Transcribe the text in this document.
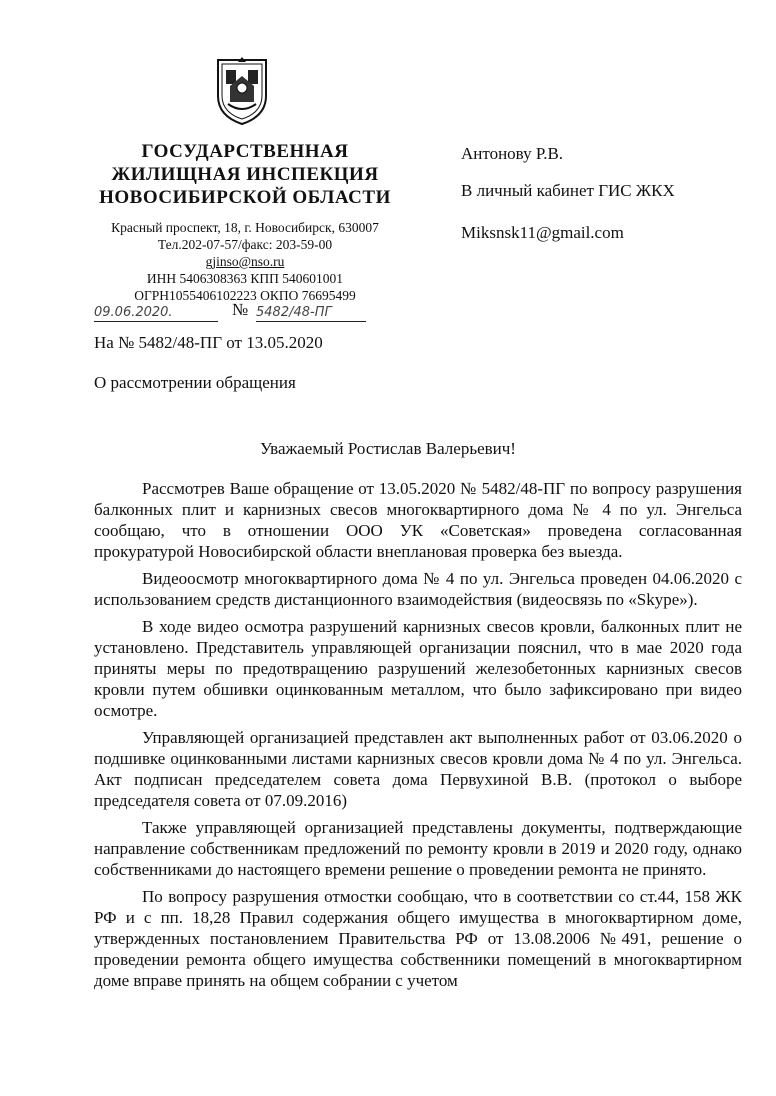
ГОСУДАРСТВЕННАЯ
ЖИЛИЩНАЯ ИНСПЕКЦИЯ
НОВОСИБИРСКОЙ ОБЛАСТИ
Красный проспект, 18, г. Новосибирск, 630007
Тел.202-07-57/факс: 203-59-00
gjinso@nso.ru
ИНН 5406308363 КПП 540601001
ОГРН1055406102223 ОКПО 76695499
09.06.2020.	№ 5482/48-ПГ
Антонову Р.В.
В личный кабинет ГИС ЖКХ
Miksnsk11@gmail.com
На № 5482/48-ПГ от 13.05.2020
О рассмотрении обращения
Уважаемый Ростислав Валерьевич!

Рассмотрев Ваше обращение от 13.05.2020 № 5482/48-ПГ по вопросу разрушения балконных плит и карнизных свесов многоквартирного дома № 4 по ул. Энгельса сообщаю, что в отношении ООО УК «Советская» проведена согласованная прокуратурой Новосибирской области внеплановая проверка без выезда.

Видеоосмотр многоквартирного дома № 4 по ул. Энгельса проведен 04.06.2020 с использованием средств дистанционного взаимодействия (видеосвязь по «Skype»).

В ходе видео осмотра разрушений карнизных свесов кровли, балконных плит не установлено. Представитель управляющей организации пояснил, что в мае 2020 года приняты меры по предотвращению разрушений железобетонных карнизных свесов кровли путем обшивки оцинкованным металлом, что было зафиксировано при видео осмотре.

Управляющей организацией представлен акт выполненных работ от 03.06.2020 о подшивке оцинкованными листами карнизных свесов кровли дома № 4 по ул. Энгельса. Акт подписан председателем совета дома Первухиной В.В. (протокол о выборе председателя совета от 07.09.2016)

Также управляющей организацией представлены документы, подтверждающие направление собственникам предложений по ремонту кровли в 2019 и 2020 году, однако собственниками до настоящего времени решение о проведении ремонта не принято.

По вопросу разрушения отмостки сообщаю, что в соответствии со ст.44, 158 ЖК РФ и с пп. 18,28 Правил содержания общего имущества в многоквартирном доме, утвержденных постановлением Правительства РФ от 13.08.2006 №491, решение о проведении ремонта общего имущества собственники помещений в многоквартирном доме вправе принять на общем собрании с учетом
